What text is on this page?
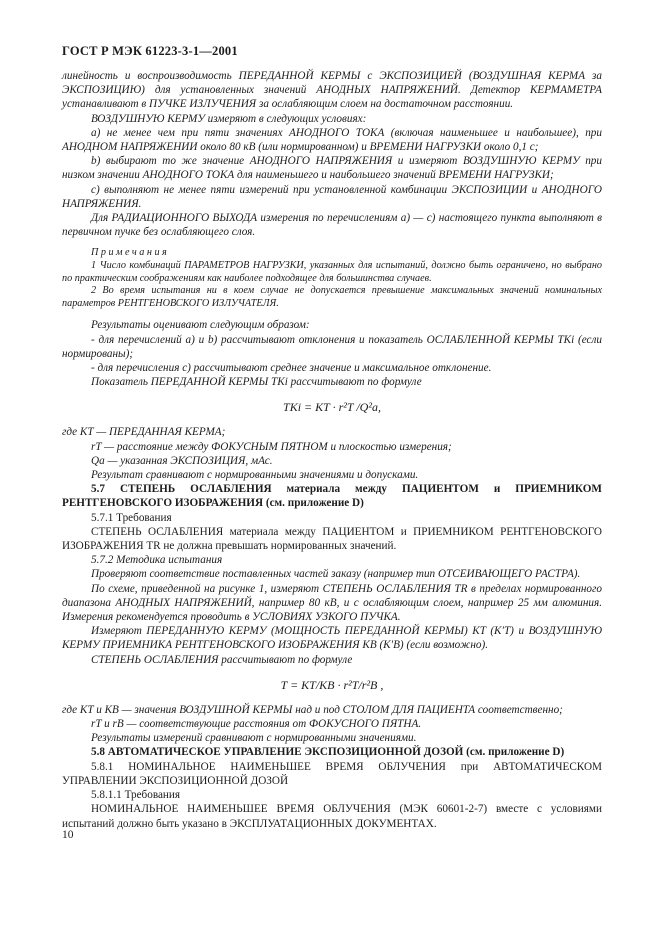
ГОСТ Р МЭК 61223-3-1—2001

линейность и воспроизводимость ПЕРЕДАННОЙ КЕРМЫ с ЭКСПОЗИЦИЕЙ (ВОЗДУШНАЯ КЕРМА за ЭКСПОЗИЦИЮ) для установленных значений АНОДНЫХ НАПРЯЖЕНИЙ. Детектор КЕРМАМЕТРА устанавливают в ПУЧКЕ ИЗЛУЧЕНИЯ за ослабляющим слоем на достаточном расстоянии.

ВОЗДУШНУЮ КЕРМУ измеряют в следующих условиях:

a) не менее чем при пяти значениях АНОДНОГО ТОКА (включая наименьшее и наибольшее), при АНОДНОМ НАПРЯЖЕНИИ около 80 кВ (или нормированном) и ВРЕМЕНИ НАГРУЗКИ около 0,1 с;

b) выбирают то же значение АНОДНОГО НАПРЯЖЕНИЯ и измеряют ВОЗДУШНУЮ КЕРМУ при низком значении АНОДНОГО ТОКА для наименьшего и наибольшего значений ВРЕМЕНИ НАГРУЗКИ;

c) выполняют не менее пяти измерений при установленной комбинации ЭКСПОЗИЦИИ и АНОДНОГО НАПРЯЖЕНИЯ.

Для РАДИАЦИОННОГО ВЫХОДА измерения по перечислениям а) — с) настоящего пункта выполняют в первичном пучке без ослабляющего слоя.

Примечания

1 Число комбинаций ПАРАМЕТРОВ НАГРУЗКИ, указанных для испытаний, должно быть ограничено, но выбрано по практическим соображениям как наиболее подходящее для большинства случаев.

2 Во время испытания ни в коем случае не допускается превышение максимальных значений номинальных параметров РЕНТГЕНОВСКОГО ИЗЛУЧАТЕЛЯ.

Результаты оценивают следующим образом:

- для перечислений а) и b) рассчитывают отклонения и показатель ОСЛАБЛЕННОЙ КЕРМЫ TKi (если нормированы);

- для перечисления с) рассчитывают среднее значение и максимальное отклонение.

Показатель ПЕРЕДАННОЙ КЕРМЫ TKi рассчитывают по формуле

TKi = KT · r²T /Q²a,

где KT — ПЕРЕДАННАЯ КЕРМА;

rT — расстояние между ФОКУСНЫМ ПЯТНОМ и плоскостью измерения;

Qa — указанная ЭКСПОЗИЦИЯ, мАс.

Результат сравнивают с нормированными значениями и допусками.

5.7 СТЕПЕНЬ ОСЛАБЛЕНИЯ материала между ПАЦИЕНТОМ и ПРИЕМНИКОМ РЕНТГЕНОВСКОГО ИЗОБРАЖЕНИЯ (см. приложение D)

5.7.1 Требования

СТЕПЕНЬ ОСЛАБЛЕНИЯ материала между ПАЦИЕНТОМ и ПРИЕМНИКОМ РЕНТГЕНОВСКОГО ИЗОБРАЖЕНИЯ TR не должна превышать нормированных значений.

5.7.2 Методика испытания

Проверяют соответствие поставленных частей заказу (например тип ОТСЕИВАЮЩЕГО РАСТРА).

По схеме, приведенной на рисунке 1, измеряют СТЕПЕНЬ ОСЛАБЛЕНИЯ TR в пределах нормированного диапазона АНОДНЫХ НАПРЯЖЕНИЙ, например 80 кВ, и с ослабляющим слоем, например 25 мм алюминия. Измерения рекомендуется проводить в УСЛОВИЯХ УЗКОГО ПУЧКА.

Измеряют ПЕРЕДАННУЮ КЕРМУ (МОЩНОСТЬ ПЕРЕДАННОЙ КЕРМЫ) KT (K′T) и ВОЗДУШНУЮ КЕРМУ ПРИЕМНИКА РЕНТГЕНОВСКОГО ИЗОБРАЖЕНИЯ KB (K′B) (если возможно).

СТЕПЕНЬ ОСЛАБЛЕНИЯ рассчитывают по формуле

T = KT/KB · r²T/r²B ,

где KT и KB — значения ВОЗДУШНОЙ КЕРМЫ над и под СТОЛОМ ДЛЯ ПАЦИЕНТА соответственно;

rT и rB — соответствующие расстояния от ФОКУСНОГО ПЯТНА.

Результаты измерений сравнивают с нормированными значениями.

5.8 АВТОМАТИЧЕСКОЕ УПРАВЛЕНИЕ ЭКСПОЗИЦИОННОЙ ДОЗОЙ (см. приложение D)

5.8.1 НОМИНАЛЬНОЕ НАИМЕНЬШЕЕ ВРЕМЯ ОБЛУЧЕНИЯ при АВТОМАТИЧЕСКОМ УПРАВЛЕНИИ ЭКСПОЗИЦИОННОЙ ДОЗОЙ

5.8.1.1 Требования

НОМИНАЛЬНОЕ НАИМЕНЬШЕЕ ВРЕМЯ ОБЛУЧЕНИЯ (МЭК 60601-2-7) вместе с условиями испытаний должно быть указано в ЭКСПЛУАТАЦИОННЫХ ДОКУМЕНТАХ.

10
